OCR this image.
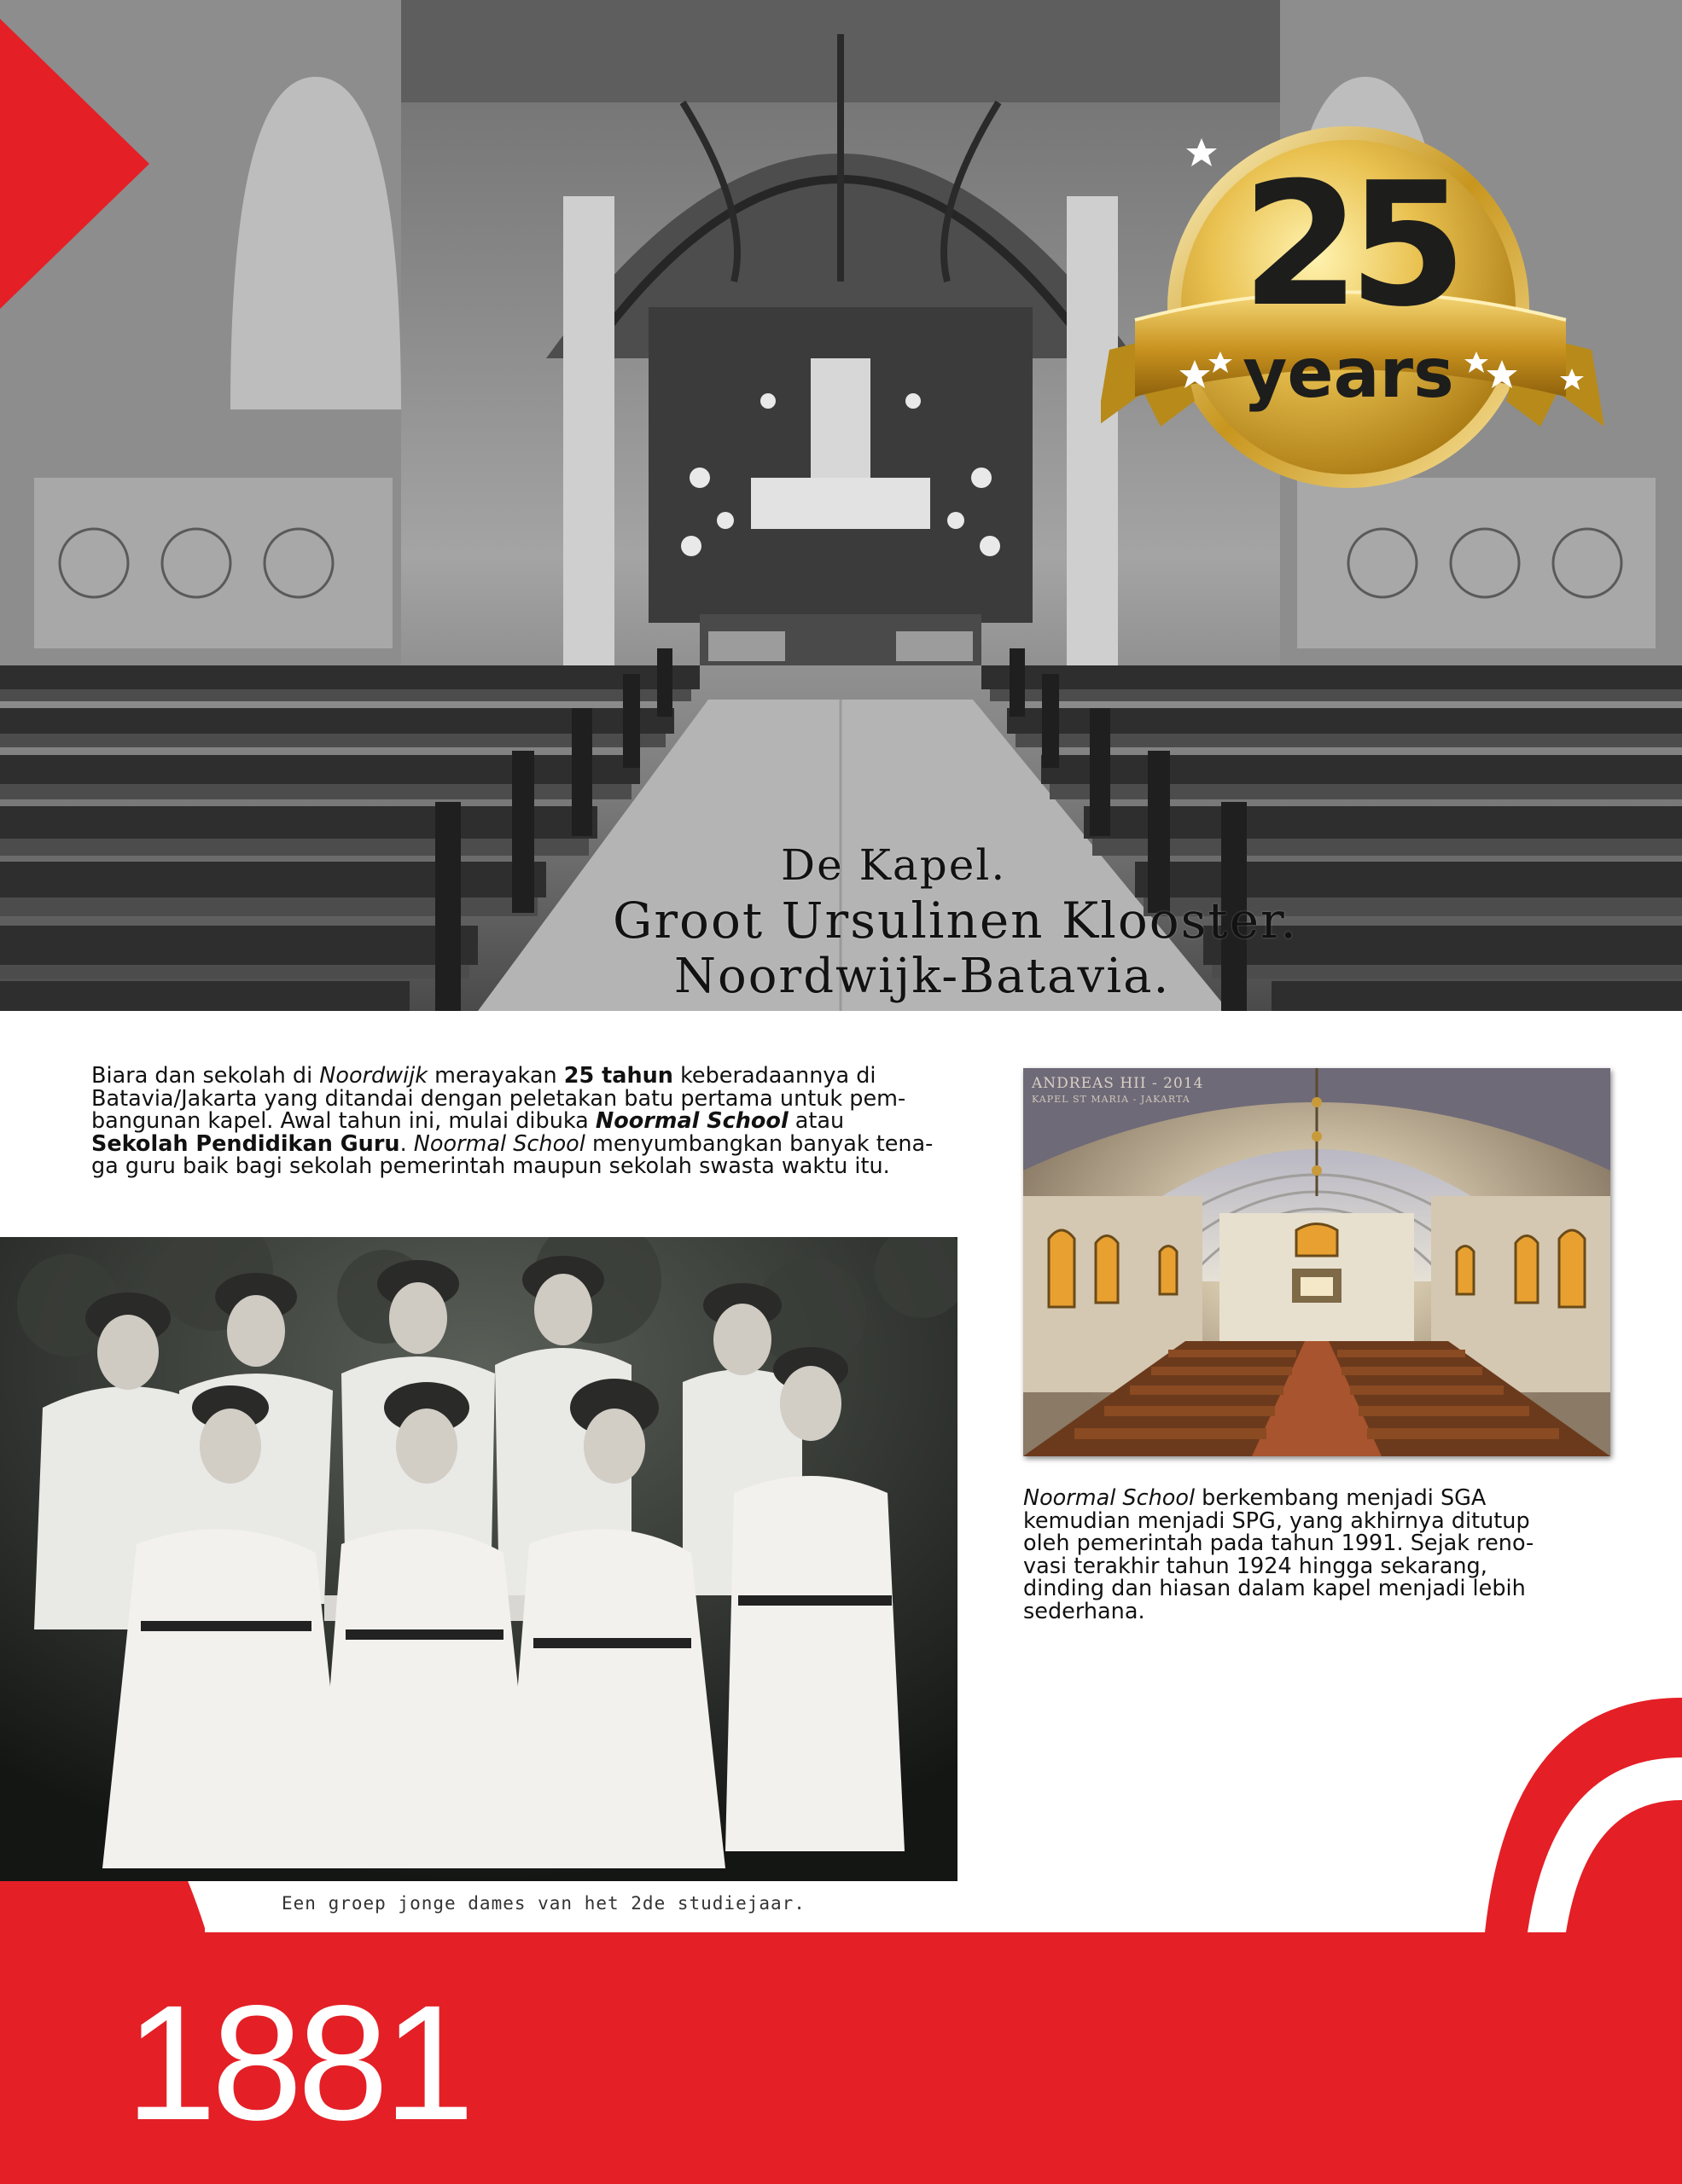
De Kapel.
Groot Ursulinen Klooster.
Noordwijk-Batavia.
25
years
Biara dan sekolah di Noordwijk merayakan 25 tahun keberadaannya di
Batavia/Jakarta yang ditandai dengan peletakan batu pertama untuk pem-
bangunan kapel. Awal tahun ini, mulai dibuka Noormal School atau
Sekolah Pendidikan Guru. Noormal School menyumbangkan banyak tena-
ga guru baik bagi sekolah pemerintah maupun sekolah swasta waktu itu.
ANDREAS HII - 2014
KAPEL ST MARIA - JAKARTA
Noormal School berkembang menjadi SGA
kemudian menjadi SPG, yang akhirnya ditutup
oleh pemerintah pada tahun 1991. Sejak reno-
vasi terakhir tahun 1924 hingga sekarang,
dinding dan hiasan dalam kapel menjadi lebih
sederhana.
Een groep jonge dames van het 2de studiejaar.
1881
